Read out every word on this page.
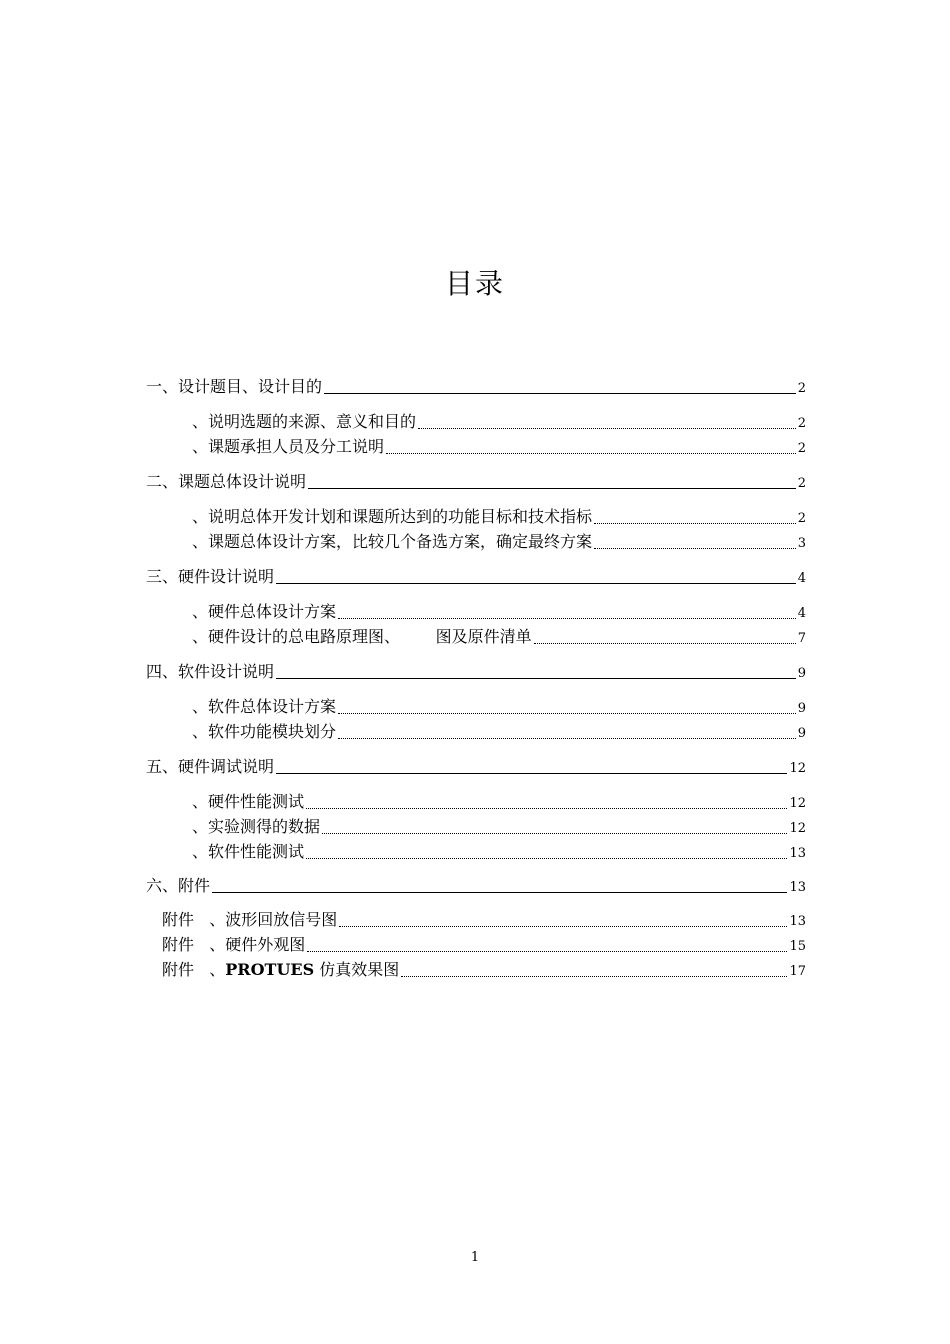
目录
一、设计题目、设计目的	2
、说明选题的来源、意义和目的	2
、课题承担人员及分工说明	2
二、课题总体设计说明	2
、说明总体开发计划和课题所达到的功能目标和技术指标	2
、课题总体设计方案，比较几个备选方案，确定最终方案	3
三、硬件设计说明	4
、硬件总体设计方案	4
、硬件设计的总电路原理图、       图及原件清单	7
四、软件设计说明	9
、软件总体设计方案	9
、软件功能模块划分	9
五、硬件调试说明	12
、硬件性能测试	12
、实验测得的数据	12
、软件性能测试	13
六、附件	13
附件   、波形回放信号图	13
附件   、硬件外观图	15
附件   、PROTUES 仿真效果图	17
1
